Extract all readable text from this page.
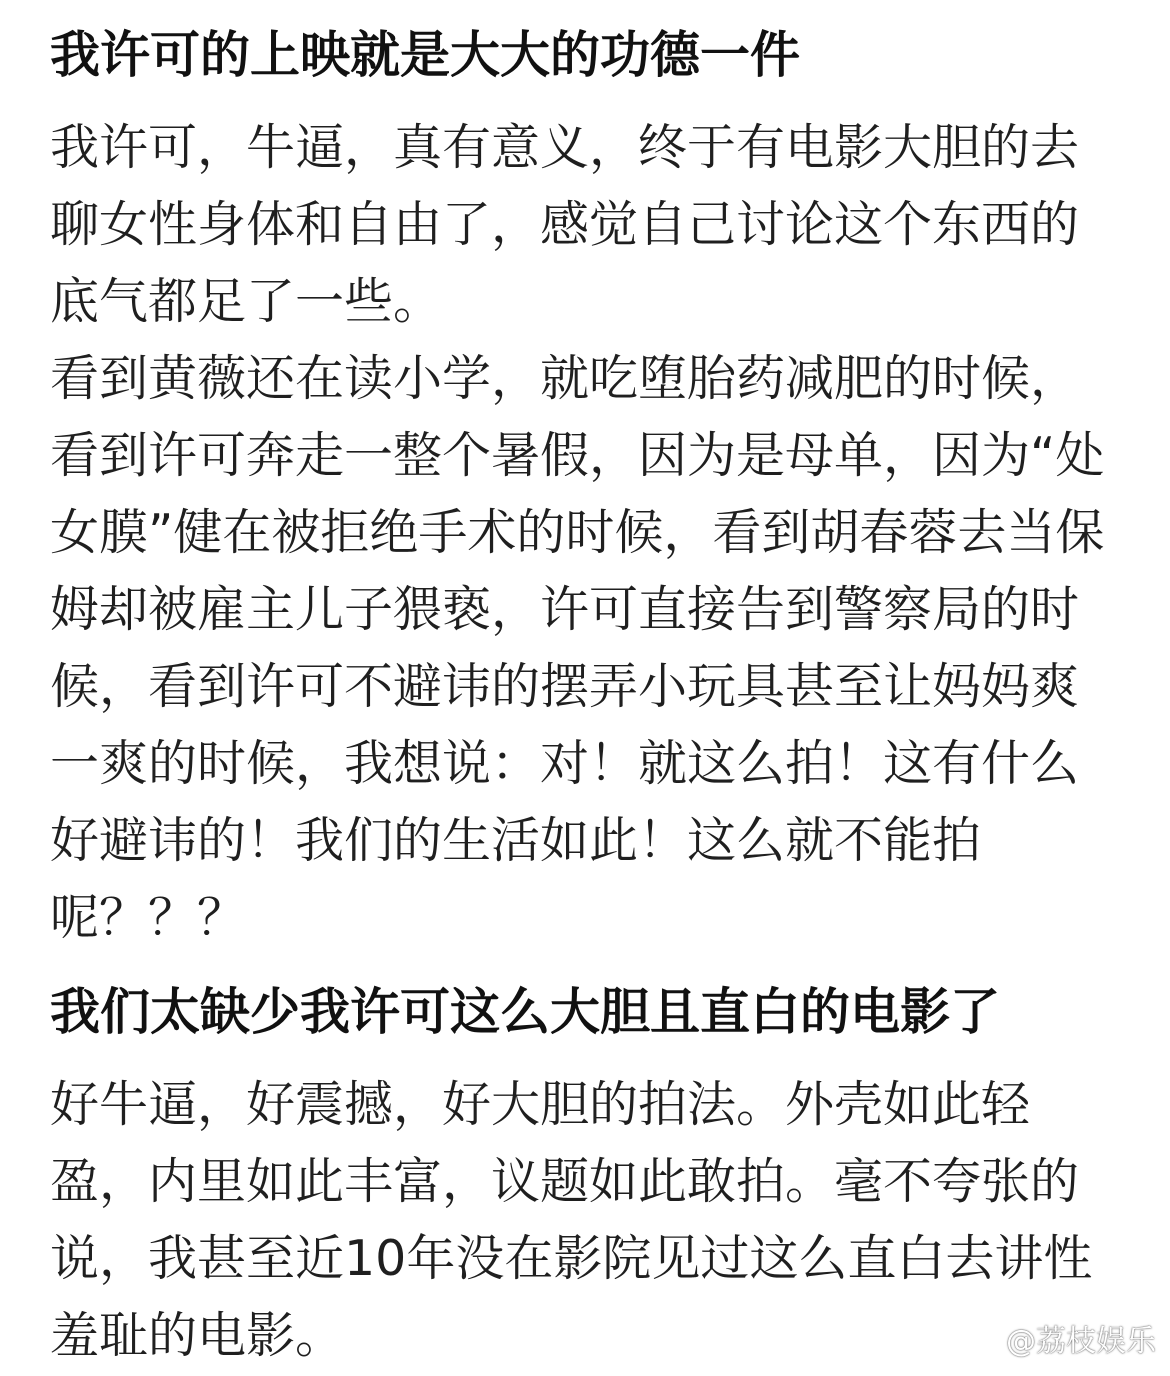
我许可的上映就是大大的功德一件
我许可，牛逼，真有意义，终于有电影大胆的去
聊女性身体和自由了，感觉自己讨论这个东西的
底气都足了一些。
看到黄薇还在读小学，就吃堕胎药减肥的时候，
看到许可奔走一整个暑假，因为是母单，因为“处
女膜”健在被拒绝手术的时候，看到胡春蓉去当保
姆却被雇主儿子猥亵，许可直接告到警察局的时
候，看到许可不避讳的摆弄小玩具甚至让妈妈爽
一爽的时候，我想说：对！就这么拍！这有什么
好避讳的！我们的生活如此！这么就不能拍
呢？？？
我们太缺少我许可这么大胆且直白的电影了
好牛逼，好震撼，好大胆的拍法。外壳如此轻
盈，内里如此丰富，议题如此敢拍。毫不夸张的
说，我甚至近10年没在影院见过这么直白去讲性
羞耻的电影。	@荔枝娱乐
